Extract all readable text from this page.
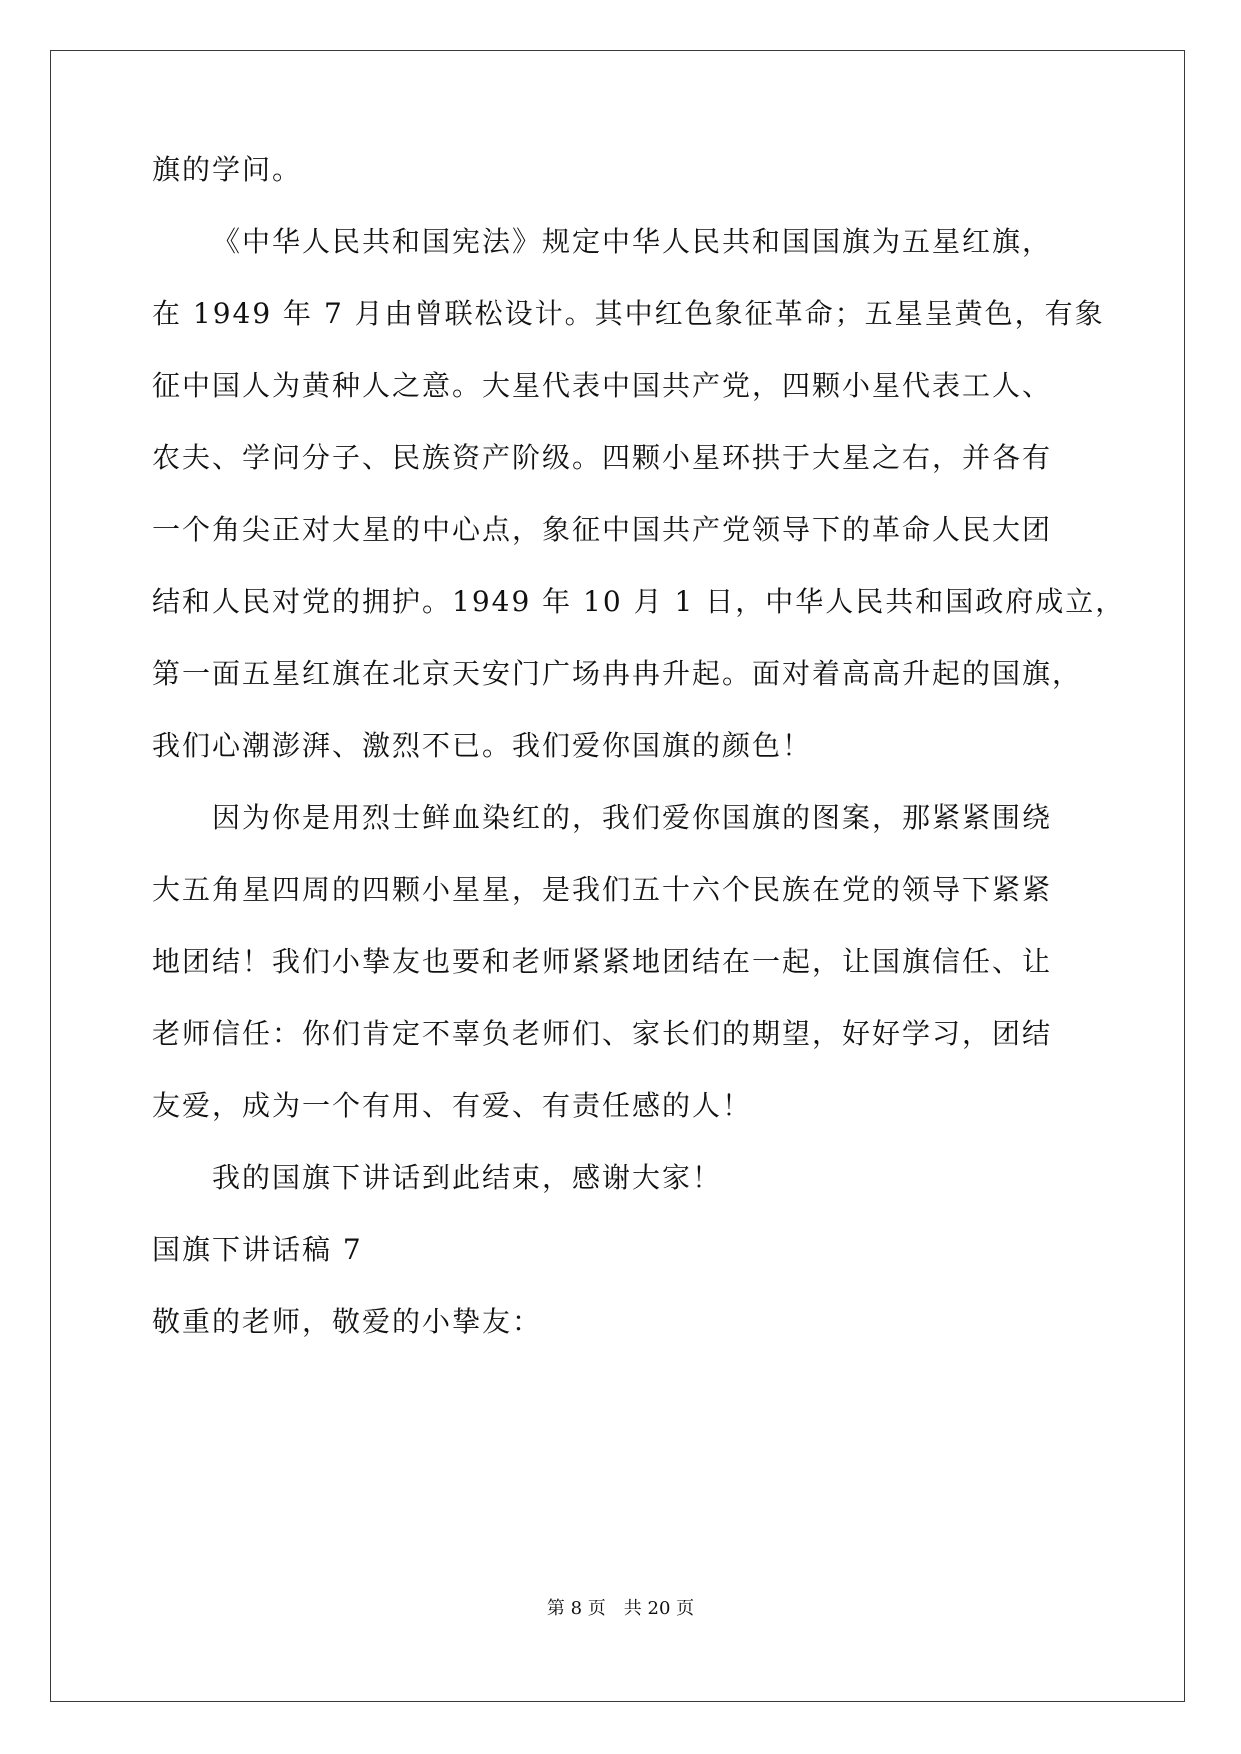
旗的学问。
《中华人民共和国宪法》规定中华人民共和国国旗为五星红旗，
在 1949 年 7 月由曾联松设计。其中红色象征革命；五星呈黄色，有象
征中国人为黄种人之意。大星代表中国共产党，四颗小星代表工人、
农夫、学问分子、民族资产阶级。四颗小星环拱于大星之右，并各有
一个角尖正对大星的中心点，象征中国共产党领导下的革命人民大团
结和人民对党的拥护。1949 年 10 月 1 日，中华人民共和国政府成立，
第一面五星红旗在北京天安门广场冉冉升起。面对着高高升起的国旗，
我们心潮澎湃、激烈不已。我们爱你国旗的颜色！
因为你是用烈士鲜血染红的，我们爱你国旗的图案，那紧紧围绕
大五角星四周的四颗小星星，是我们五十六个民族在党的领导下紧紧
地团结！我们小挚友也要和老师紧紧地团结在一起，让国旗信任、让
老师信任：你们肯定不辜负老师们、家长们的期望，好好学习，团结
友爱，成为一个有用、有爱、有责任感的人！
我的国旗下讲话到此结束，感谢大家！
国旗下讲话稿 7
敬重的老师，敬爱的小挚友：
第 8 页 共 20 页
